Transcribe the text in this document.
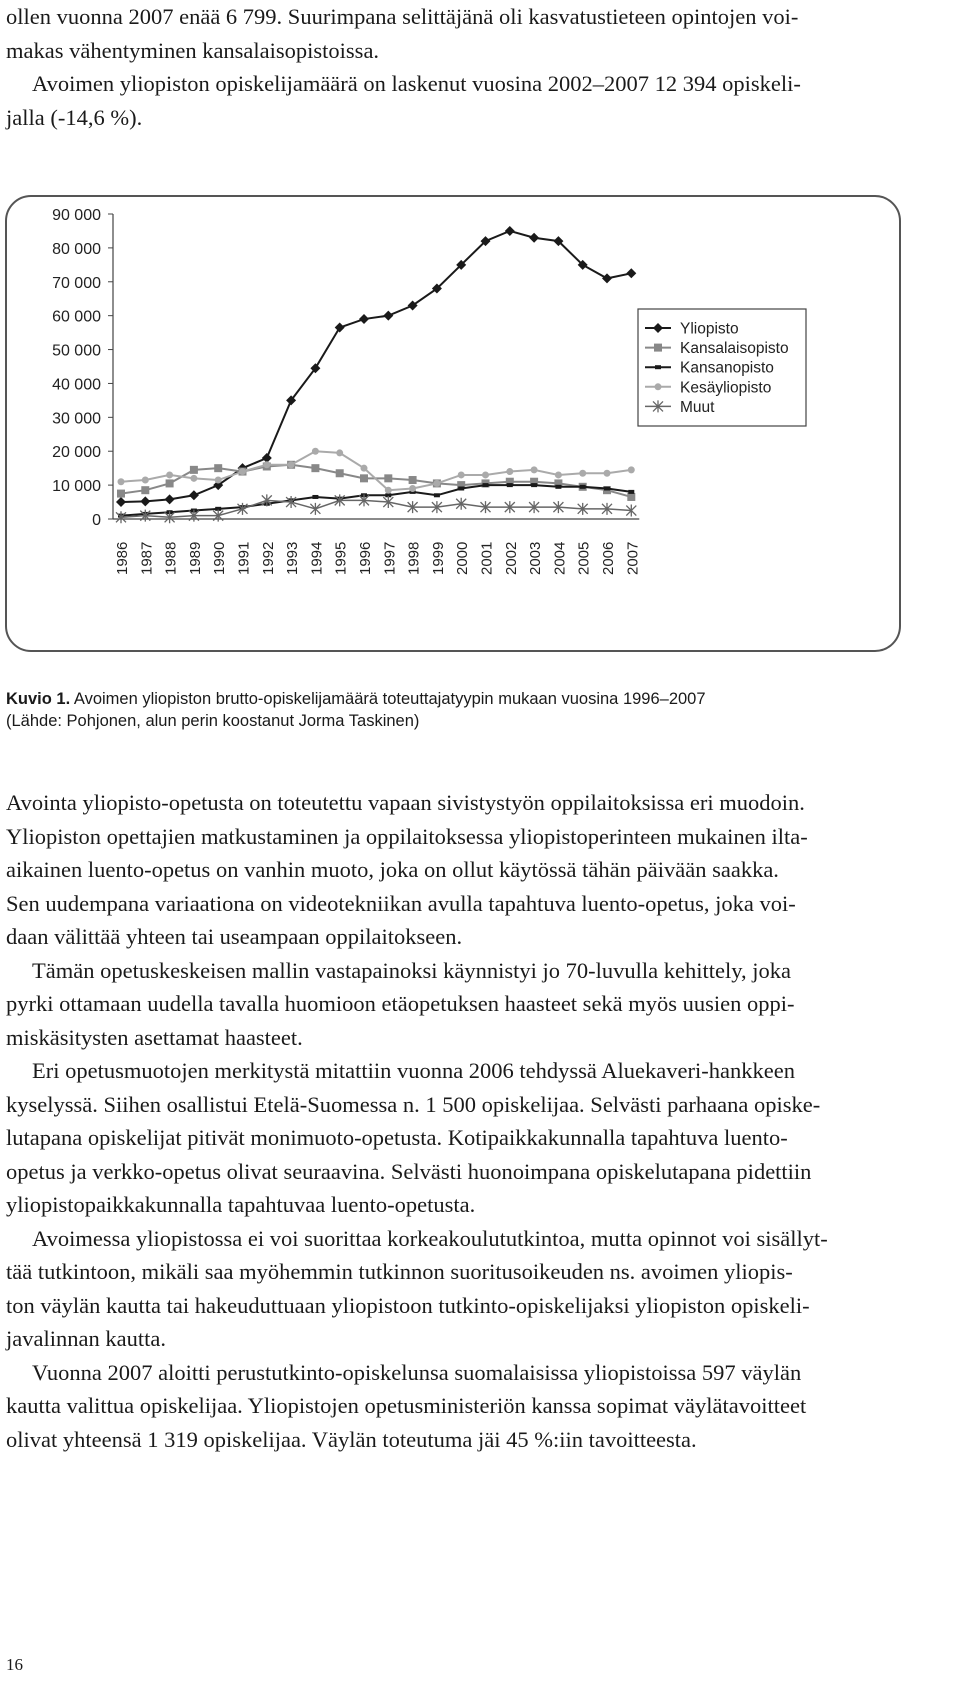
ollen vuonna 2007 enää 6 799. Suurimpana selittäjänä oli kasvatustieteen opintojen voi-
makas vähentyminen kansalaisopistoissa.
Avoimen yliopiston opiskelijamäärä on laskenut vuosina 2002–2007 12 394 opiskeli-
jalla (-14,6 %).
0
10 000
20 000
30 000
40 000
50 000
60 000
70 000
80 000
90 000
1986 1987 1988 1989 1990 1991 1992 1993 1994 1995 1996 1997 1998 1999 2000 2001 2002 2003 2004 2005 2006 2007
Yliopisto
Kansalaisopisto
Kansanopisto
Kesäyliopisto
Muut
Kuvio 1. Avoimen yliopiston brutto-opiskelijamäärä toteuttajatyypin mukaan vuosina 1996–2007
(Lähde: Pohjonen, alun perin koostanut Jorma Taskinen)
Avointa yliopisto-opetusta on toteutettu vapaan sivistystyön oppilaitoksissa eri muodoin.
Yliopiston opettajien matkustaminen ja oppilaitoksessa yliopistoperinteen mukainen ilta-
aikainen luento-opetus on vanhin muoto, joka on ollut käytössä tähän päivään saakka.
Sen uudempana variaationa on videotekniikan avulla tapahtuva luento-opetus, joka voi-
daan välittää yhteen tai useampaan oppilaitokseen.
Tämän opetuskeskeisen mallin vastapainoksi käynnistyi jo 70-luvulla kehittely, joka
pyrki ottamaan uudella tavalla huomioon etäopetuksen haasteet sekä myös uusien oppi-
miskäsitysten asettamat haasteet.
Eri opetusmuotojen merkitystä mitattiin vuonna 2006 tehdyssä Aluekaveri-hankkeen
kyselyssä. Siihen osallistui Etelä-Suomessa n. 1 500 opiskelijaa. Selvästi parhaana opiske-
lutapana opiskelijat pitivät monimuoto-opetusta. Kotipaikkakunnalla tapahtuva luento-
opetus ja verkko-opetus olivat seuraavina. Selvästi huonoimpana opiskelutapana pidettiin
yliopistopaikkakunnalla tapahtuvaa luento-opetusta.
Avoimessa yliopistossa ei voi suorittaa korkeakoulututkintoa, mutta opinnot voi sisällyt-
tää tutkintoon, mikäli saa myöhemmin tutkinnon suoritusoikeuden ns. avoimen yliopis-
ton väylän kautta tai hakeuduttuaan yliopistoon tutkinto-opiskelijaksi yliopiston opiskeli-
javalinnan kautta.
Vuonna 2007 aloitti perustutkinto-opiskelunsa suomalaisissa yliopistoissa 597 väylän
kautta valittua opiskelijaa. Yliopistojen opetusministeriön kanssa sopimat väylätavoitteet
olivat yhteensä 1 319 opiskelijaa. Väylän toteutuma jäi 45 %:iin tavoitteesta.
16
